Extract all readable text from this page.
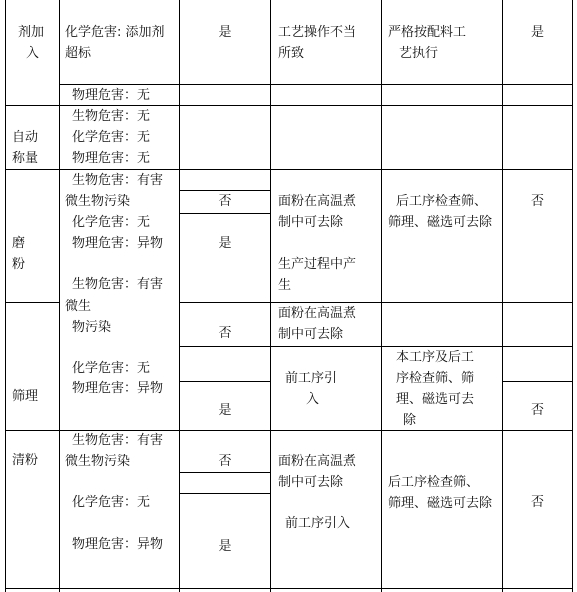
剂加
入
化学危害: 添加剂
超标
是	工艺操作不当
所致
严格按配料工
艺执行
是
物理危害：无
自动
称量
生物危害：无
化学危害：无
物理危害：无
磨
粉
生物危害：有害
微生物污染
化学危害：无
物理危害：异物
否
是
面粉在高温煮
制中可去除
生产过程中产
生
后工序检查筛、
筛理、磁选可去除
否
筛理
生物危害：有害
微生
物污染
化学危害：无
物理危害：异物
否
是
面粉在高温煮
制中可去除
前工序引
入
本工序及后工
序检查筛、筛
理、磁选可去
除
否
清粉
生物危害：有害
微生物污染
化学危害：无
物理危害：异物
否
是
面粉在高温煮
制中可去除
前工序引入
后工序检查筛、
筛理、磁选可去除	否
